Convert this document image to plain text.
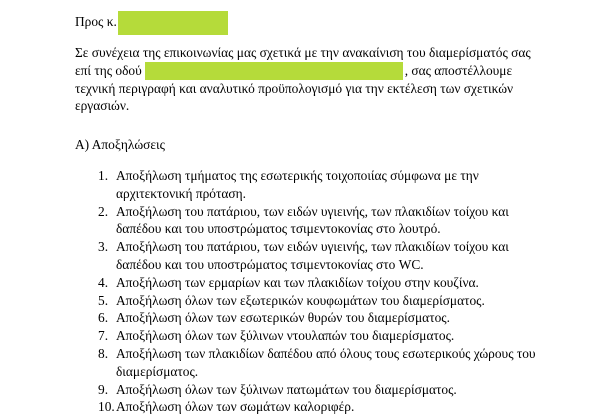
Προς κ.
Σε συνέχεια της επικοινωνίας μας σχετικά με την ανακαίνιση του διαμερίσματός σας
επί της οδού	, σας αποστέλλουμε
τεχνική περιγραφή και αναλυτικό προϋπολογισμό για την εκτέλεση των σχετικών
εργασιών.
Α) Αποξηλώσεις
1. Αποξήλωση τμήματος της εσωτερικής τοιχοποιίας σύμφωνα με την
αρχιτεκτονική πρόταση.
2. Αποξήλωση του πατάριου, των ειδών υγιεινής, των πλακιδίων τοίχου και
δαπέδου και του υποστρώματος τσιμεντοκονίας στο λουτρό.
3. Αποξήλωση του πατάριου, των ειδών υγιεινής, των πλακιδίων τοίχου και
δαπέδου και του υποστρώματος τσιμεντοκονίας στο WC.
4. Αποξήλωση των ερμαρίων και των πλακιδίων τοίχου στην κουζίνα.
5. Αποξήλωση όλων των εξωτερικών κουφωμάτων του διαμερίσματος.
6. Αποξήλωση όλων των εσωτερικών θυρών του διαμερίσματος.
7. Αποξήλωση όλων των ξύλινων ντουλαπών του διαμερίσματος.
8. Αποξήλωση των πλακιδίων δαπέδου από όλους τους εσωτερικούς χώρους του
διαμερίσματος.
9. Αποξήλωση όλων των ξύλινων πατωμάτων του διαμερίσματος.
10. Αποξήλωση όλων των σωμάτων καλοριφέρ.
